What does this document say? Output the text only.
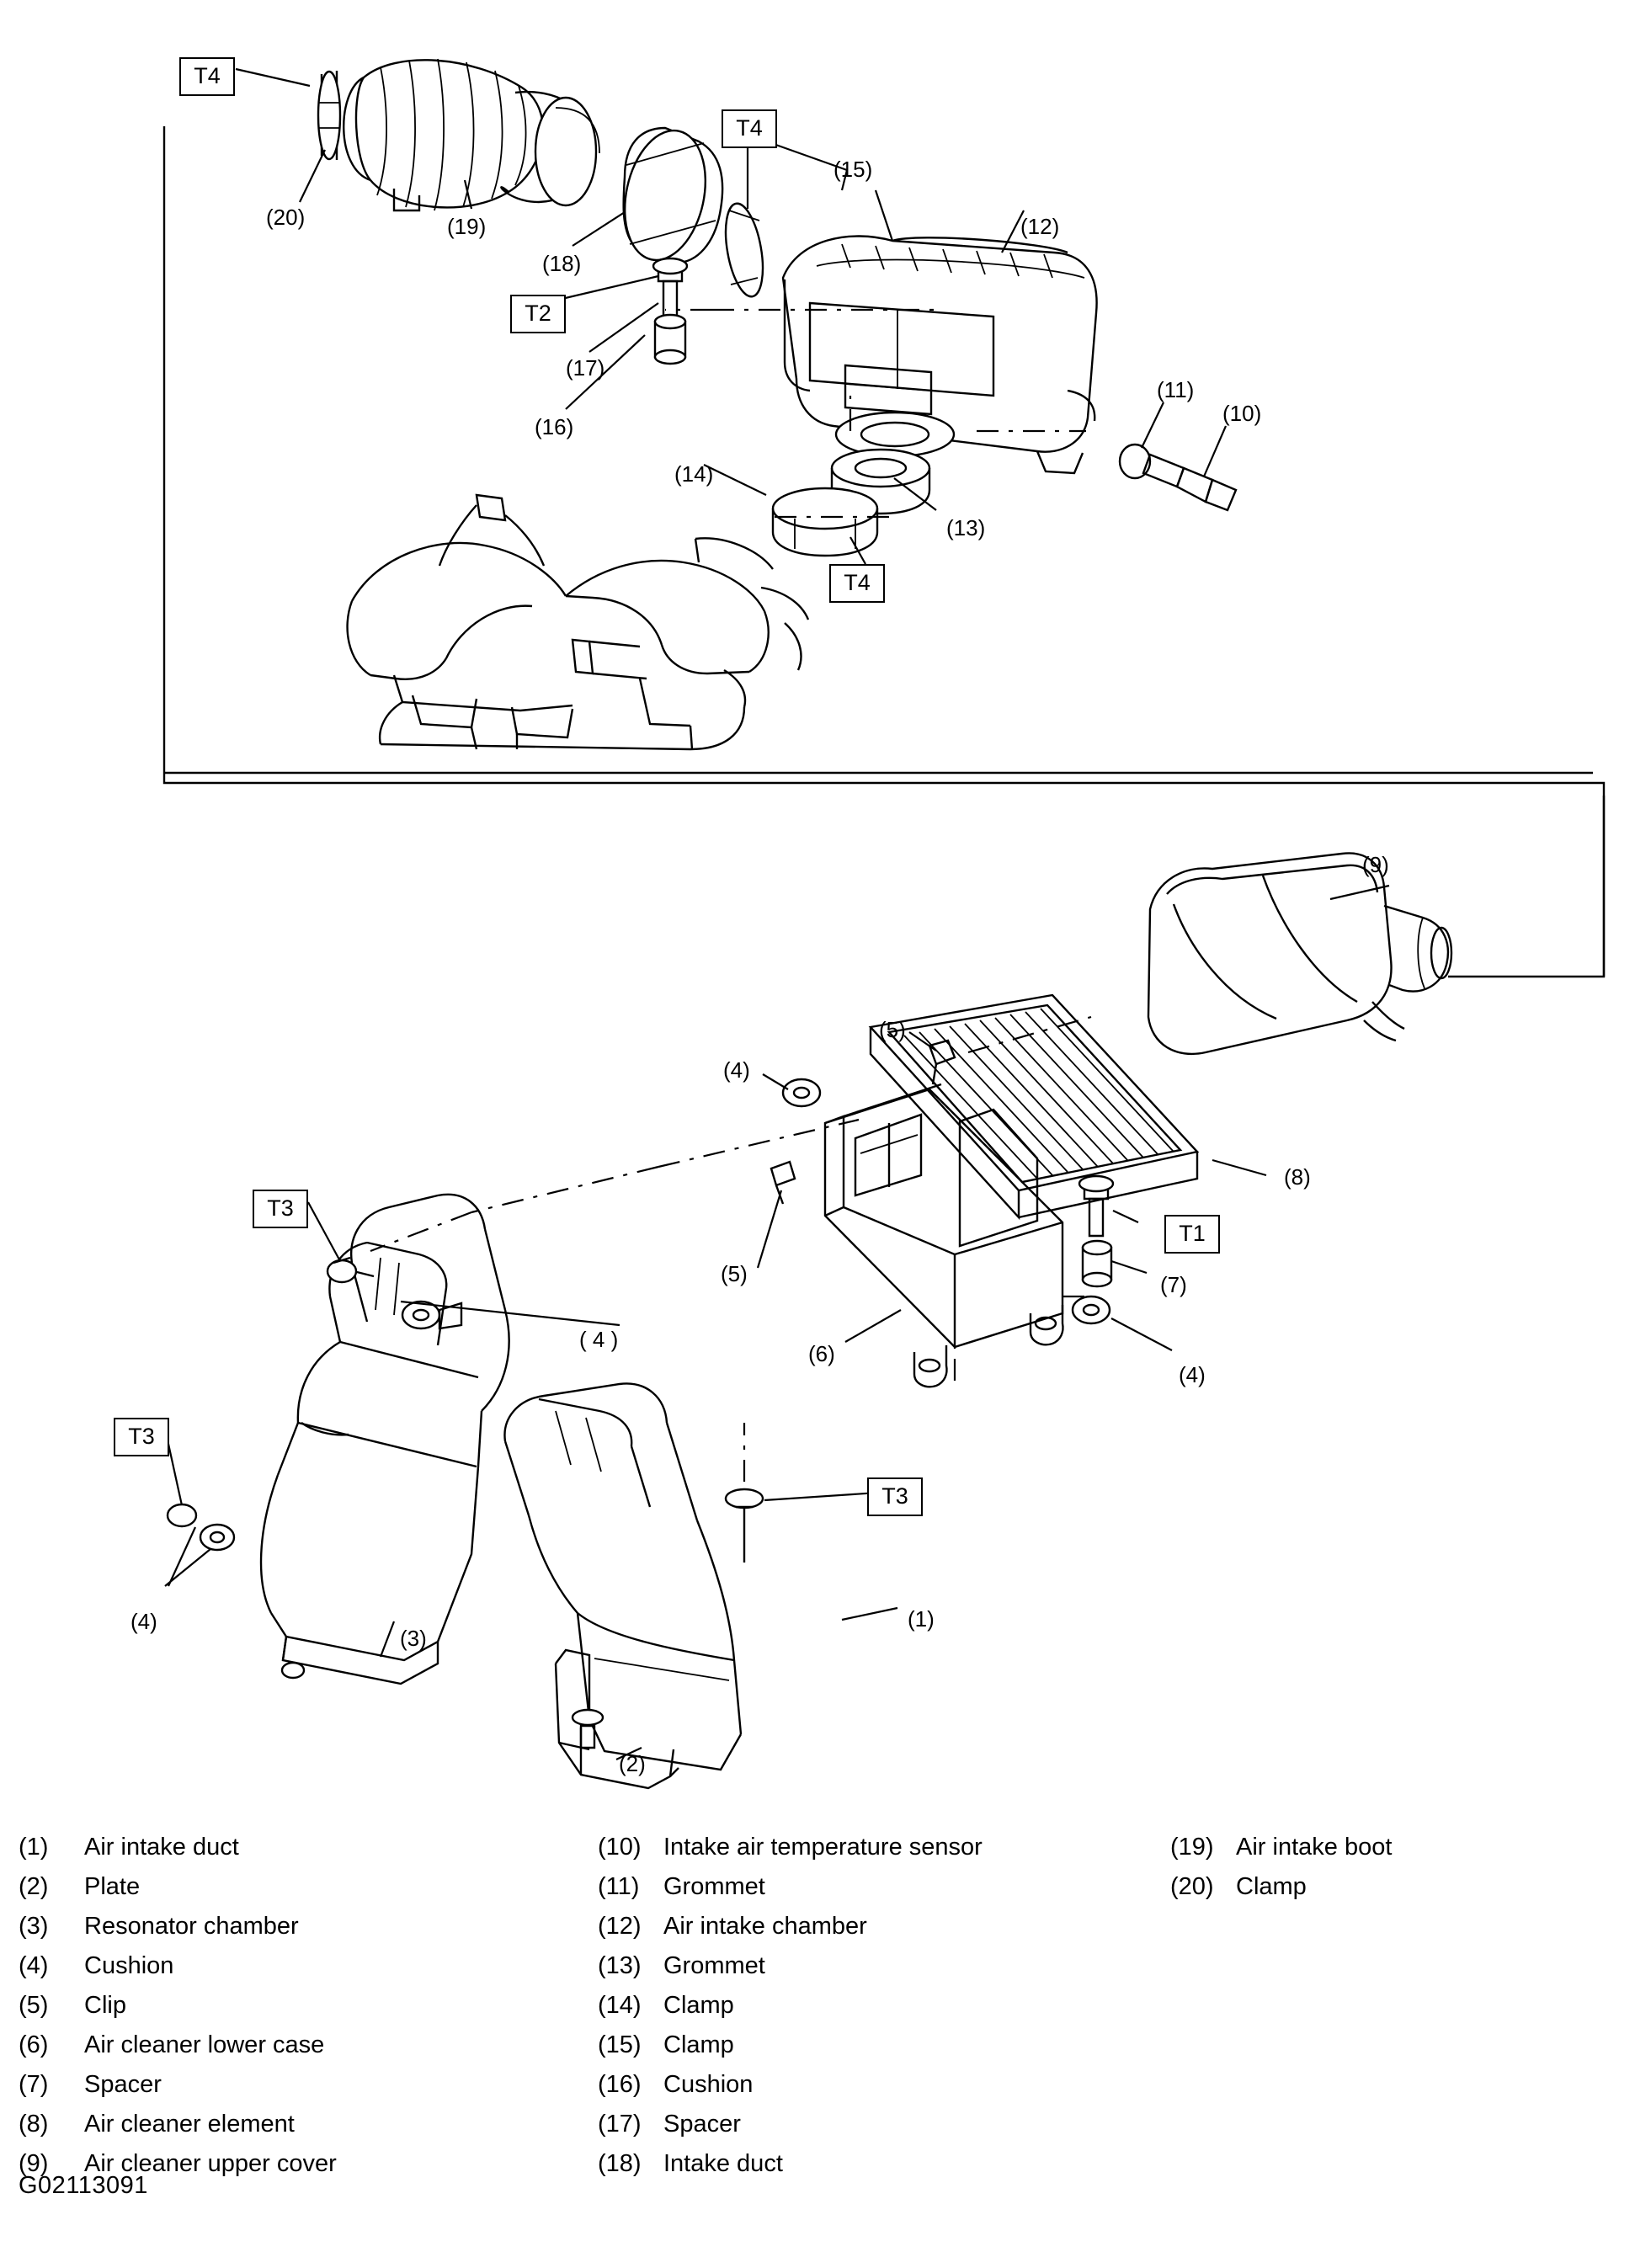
T4
T4
T2
T4
T3
T3
T1
T3
(20)	(19)
(18)
(15)
(12)
(17)
(16)
(11)
(10)
(14)
(13)
(9)
(8)
(5)
(4)
(5)
(6)
(7)
(4)
( 4 )
(4)
(3)
(2)
(1)
(1)	Air intake duct
(2)	Plate
(3)	Resonator chamber
(4)	Cushion
(5)	Clip
(6)	Air cleaner lower case
(7)	Spacer
(8)	Air cleaner element
(9)	Air cleaner upper cover
(10) Intake air temperature sensor
(11) Grommet
(12) Air intake chamber
(13) Grommet
(14) Clamp
(15) Clamp
(16) Cushion
(17) Spacer
(18) Intake duct
(19) Air intake boot
(20) Clamp
G02113091
